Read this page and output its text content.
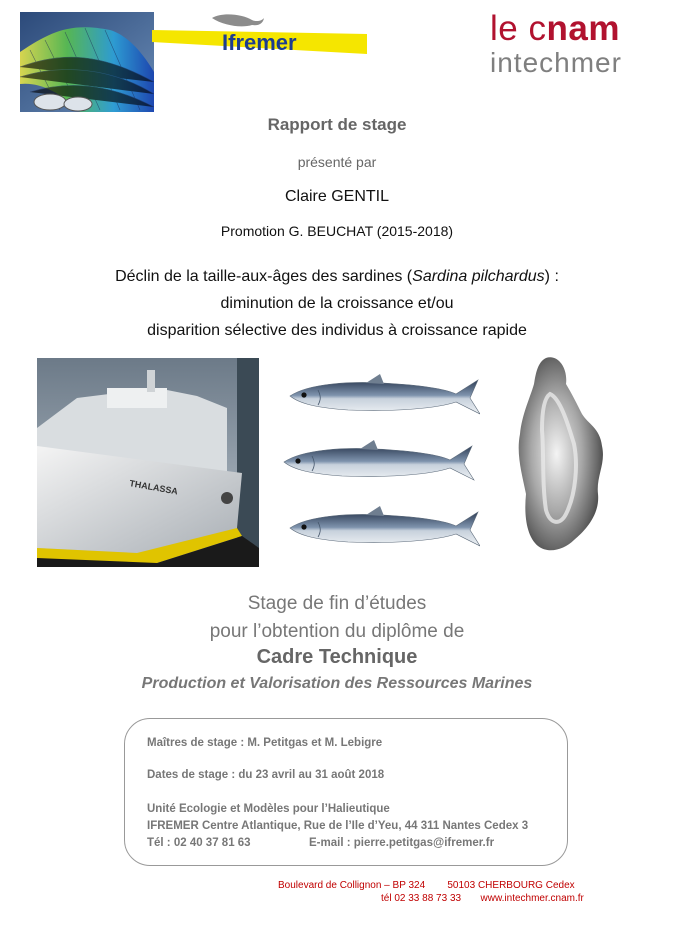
Ifremer	le cnam
intechmer
Rapport de stage
présenté par
Claire GENTIL
Promotion G. BEUCHAT (2015-2018)
Déclin de la taille-aux-âges des sardines (Sardina pilchardus) :
diminution de la croissance et/ou
disparition sélective des individus à croissance rapide
THALASSA
Stage de fin d’études
pour l’obtention du diplôme de
Cadre Technique
Production et Valorisation des Ressources Marines
Maîtres de stage : M. Petitgas et M. Lebigre
Dates de stage : du 23 avril au 31 août 2018
Unité Ecologie et Modèles pour l’Halieutique
IFREMER Centre Atlantique, Rue de l’Ile d’Yeu, 44 311 Nantes Cedex 3
Tél : 02 40 37 81 63	E-mail : pierre.petitgas@ifremer.fr
Boulevard de Collignon – BP 324        50103 CHERBOURG Cedex
tél 02 33 88 73 33       www.intechmer.cnam.fr
